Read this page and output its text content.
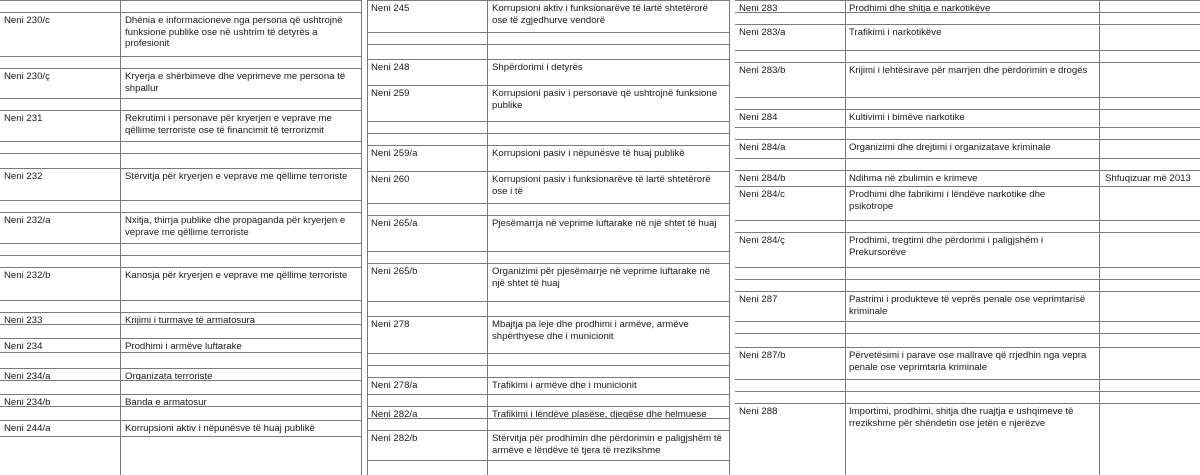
Neni 230/c	Dhënia e informacioneve nga persona që ushtrojnë funksione publike ose në ushtrim të detyrës a profesionit
Neni 230/ç	Kryerja e shërbimeve dhe veprimeve me persona të shpallur
Neni 231	Rekrutimi i personave për kryerjen e veprave me qëllime terroriste ose të financimit të terrorizmit
Neni 232	Stërvitja për kryerjen e veprave me qëllime terroriste
Neni 232/a	Nxitja, thirrja publike dhe propaganda për kryerjen e veprave me qëllime terroriste
Neni 232/b	Kanosja për kryerjen e veprave me qëllime terroriste
Neni 233	Krijimi i turmave të armatosura
Neni 234	Prodhimi i armëve luftarake
Neni 234/a	Organizata terroriste
Neni 234/b	Banda e armatosur
Neni 244/a	Korrupsioni aktiv i nëpunësve të huaj publikë
Neni 245	Korrupsioni aktiv i funksionarëve të lartë shtetërorë ose të zgjedhurve vendorë
Neni 248	Shpërdorimi i detyrës
Neni 259	Korrupsioni pasiv i personave që ushtrojnë funksione publike
Neni 259/a	Korrupsioni pasiv i nëpunësve të huaj publikë
Neni 260	Korrupsioni pasiv i funksionarëve të lartë shtetërorë ose i të
Neni 265/a	Pjesëmarrja në veprime luftarake në një shtet të huaj
Neni 265/b	Organizimi për pjesëmarrje në veprime luftarake në një shtet të huaj
Neni 278	Mbajtja pa leje dhe prodhimi i armëve, armëve shpërthyese dhe i municionit
Neni 278/a	Trafikimi i armëve dhe i municionit
Neni 282/a	Trafikimi i lëndëve plasëse, djegëse dhe helmuese
Neni 282/b	Stërvitja për prodhimin dhe përdorimin e paligjshëm të armëve e lëndëve të tjera të rrezikshme
Neni 283	Prodhimi dhe shitja e narkotikëve
Neni 283/a	Trafikimi i narkotikëve
Neni 283/b	Krijimi i lehtësirave për marrjen dhe përdorimin e drogës
Neni 284	Kultivimi i bimëve narkotike
Neni 284/a	Organizimi dhe drejtimi i organizatave kriminale
Neni 284/b	Ndihma në zbulimin e krimeve	Shfuqizuar më 2013
Neni 284/c	Prodhimi dhe fabrikimi i lëndëve narkotike dhe psikotrope
Neni 284/ç	Prodhimi, tregtimi dhe përdorimi i paligjshëm i Prekursorëve
Neni 287	Pastrimi i produkteve të veprës penale ose veprimtarisë kriminale
Neni 287/b	Përvetësimi i parave ose mallrave që rrjedhin nga vepra penale ose veprimtaria kriminale
Neni 288	Importimi, prodhimi, shitja dhe ruajtja e ushqimeve të rrezikshme për shëndetin ose jetën e njerëzve
